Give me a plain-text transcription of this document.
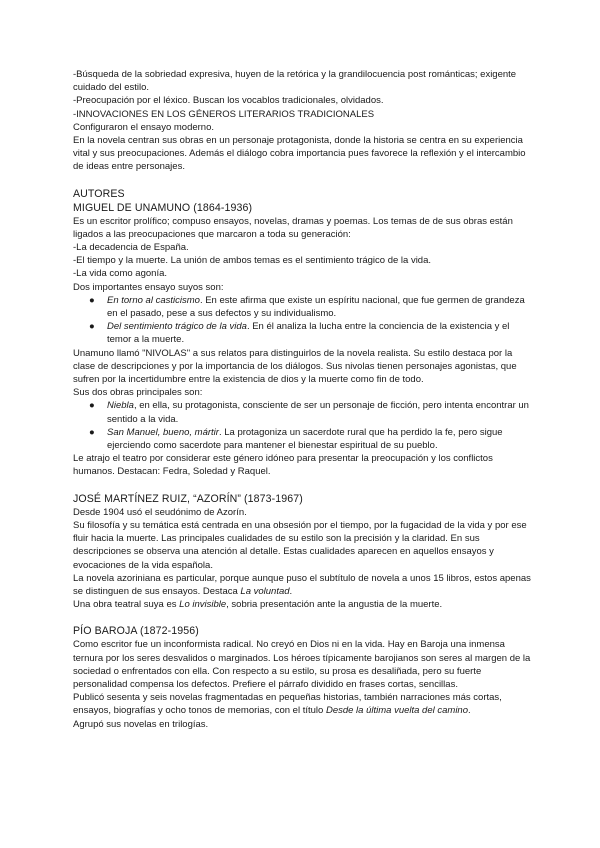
-Búsqueda de la sobriedad expresiva, huyen de la retórica y la grandilocuencia post románticas; exigente cuidado del estilo.

-Preocupación por el léxico. Buscan los vocablos tradicionales, olvidados.

-INNOVACIONES EN LOS GÉNEROS LITERARIOS TRADICIONALES

Configuraron el ensayo moderno.

En la novela centran sus obras en un personaje protagonista, donde la historia se centra en su experiencia vital y sus preocupaciones. Además el diálogo cobra importancia pues favorece la reflexión y el intercambio de ideas entre personajes.

AUTORES

MIGUEL DE UNAMUNO (1864-1936)

Es un escritor prolífico; compuso ensayos, novelas, dramas y poemas. Los temas de de sus obras están ligados a las preocupaciones que marcaron a toda su generación:

-La decadencia de España.

-El tiempo y la muerte. La unión de ambos temas es el sentimiento trágico de la vida.

-La vida como agonía.

Dos importantes ensayo suyos son:

● En torno al casticismo. En este afirma que existe un espíritu nacional, que fue germen de grandeza en el pasado, pese a sus defectos y su individualismo.
● Del sentimiento trágico de la vida. En él analiza la lucha entre la conciencia de la existencia y el temor a la muerte.

Unamuno llamó "NIVOLAS" a sus relatos para distinguirlos de la novela realista. Su estilo destaca por la clase de descripciones y por la importancia de los diálogos. Sus nivolas tienen personajes agonistas, que sufren por la incertidumbre entre la existencia de dios y la muerte como fin de todo.

Sus dos obras principales son:

● Niebla, en ella, su protagonista, consciente de ser un personaje de ficción, pero intenta encontrar un sentido a la vida.
● San Manuel, bueno, mártir. La protagoniza un sacerdote rural que ha perdido la fe, pero sigue ejerciendo como sacerdote para mantener el bienestar espiritual de su pueblo.

Le atrajo el teatro por considerar este género idóneo para presentar la preocupación y los conflictos humanos. Destacan: Fedra, Soledad y Raquel.

JOSÉ MARTÍNEZ RUIZ, “AZORÍN” (1873-1967)

Desde 1904 usó el seudónimo de Azorín.

Su filosofía y su temática está centrada en una obsesión por el tiempo, por la fugacidad de la vida y por ese fluir hacia la muerte. Las principales cualidades de su estilo son la precisión y la claridad. En sus descripciones se observa una atención al detalle. Estas cualidades aparecen en aquellos ensayos y evocaciones de la vida española.

La novela azoriniana es particular, porque aunque puso el subtítulo de novela a unos 15 libros, estos apenas se distinguen de sus ensayos. Destaca La voluntad.

Una obra teatral suya es Lo invisible, sobria presentación ante la angustia de la muerte.

PÍO BAROJA (1872-1956)

Como escritor fue un inconformista radical. No creyó en Dios ni en la vida. Hay en Baroja una inmensa ternura por los seres desvalidos o marginados. Los héroes típicamente barojianos son seres al margen de la sociedad o enfrentados con ella. Con respecto a su estilo, su prosa es desaliñada, pero su fuerte personalidad compensa los defectos. Prefiere el párrafo dividido en frases cortas, sencillas.

Publicó sesenta y seis novelas fragmentadas en pequeñas historias, también narraciones más cortas, ensayos, biografías y ocho tonos de memorias, con el título Desde la última vuelta del camino.

Agrupó sus novelas en trilogías.
